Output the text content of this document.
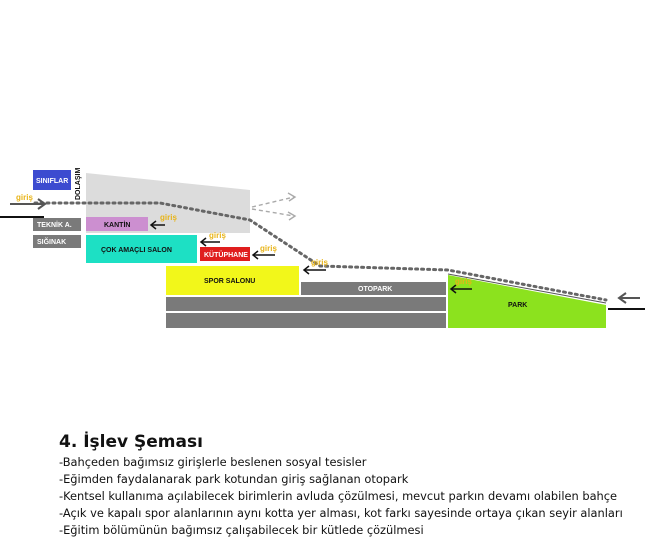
DOLAŞIM
SINIFLAR
TEKNİK A.
SIĞINAK
KANTİN
ÇOK AMAÇLI SALON
KÜTÜPHANE
SPOR SALONU
OTOPARK
PARK
giriş
giriş
giriş
giriş
giriş
giriş
4. İşlev Şeması
-Bahçeden bağımsız girişlerle beslenen sosyal tesisler
-Eğimden faydalanarak park kotundan giriş sağlanan otopark
-Kentsel kullanıma açılabilecek birimlerin avluda çözülmesi, mevcut parkın devamı olabilen bahçe
-Açık ve kapalı spor alanlarının aynı kotta yer alması, kot farkı sayesinde ortaya çıkan seyir alanları
-Eğitim bölümünün bağımsız çalışabilecek bir kütlede çözülmesi
